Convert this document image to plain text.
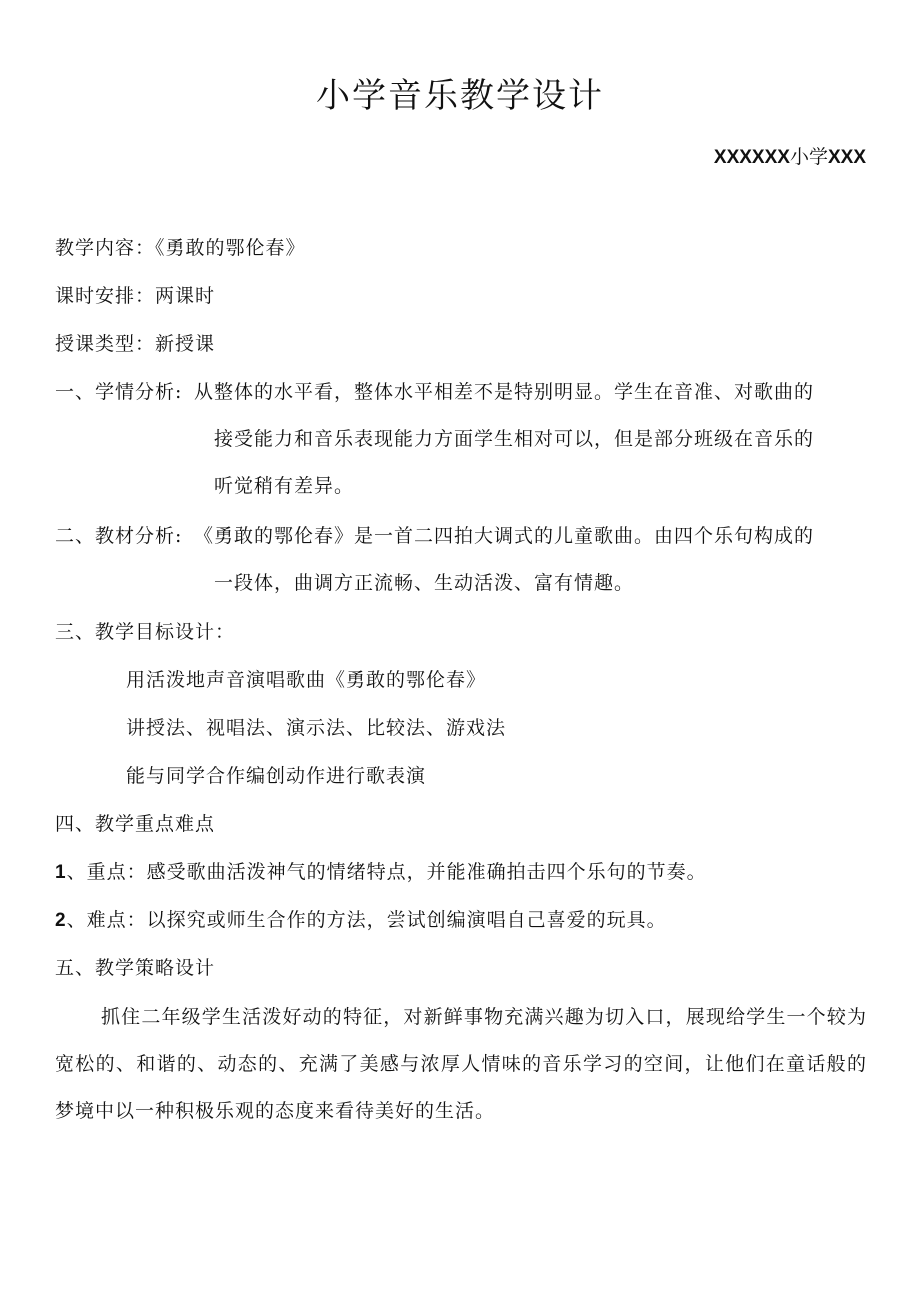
小学音乐教学设计
XXXXXX小学XXX
教学内容：《勇敢的鄂伦春》
课时安排：两课时
授课类型：新授课
一、学情分析: 从整体的水平看，整体水平相差不是特别明显。学生在音准、对歌曲的
接受能力和音乐表现能力方面学生相对可以，但是部分班级在音乐的
听觉稍有差异。
二、教材分析: 《勇敢的鄂伦春》是一首二四拍大调式的儿童歌曲。由四个乐句构成的
一段体，曲调方正流畅、生动活泼、富有情趣。
三、教学目标设计：
用活泼地声音演唱歌曲《勇敢的鄂伦春》
讲授法、视唱法、演示法、比较法、游戏法
能与同学合作编创动作进行歌表演
四、教学重点难点
1、重点：感受歌曲活泼神气的情绪特点，并能准确拍击四个乐句的节奏。
2、难点：以探究或师生合作的方法，尝试创编演唱自己喜爱的玩具。
五、教学策略设计
抓住二年级学生活泼好动的特征，对新鲜事物充满兴趣为切入口，展现给学生一个较为宽松的、和谐的、动态的、充满了美感与浓厚人情味的音乐学习的空间，让他们在童话般的梦境中以一种积极乐观的态度来看待美好的生活。
